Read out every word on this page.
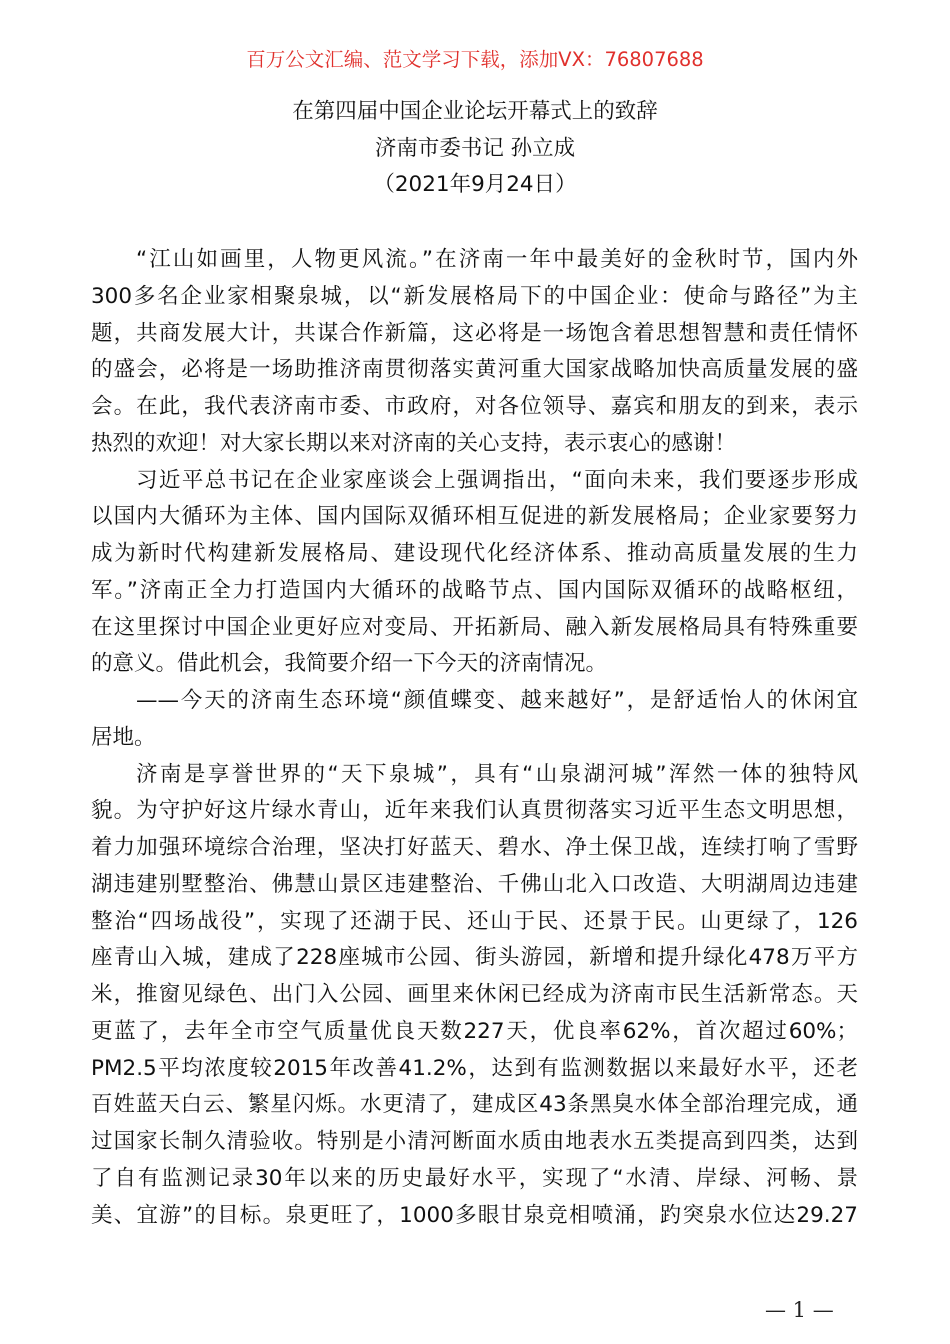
百万公文汇编、范文学习下载，添加VX：76807688
在第四届中国企业论坛开幕式上的致辞
济南市委书记 孙立成
（2021年9月24日）
“江山如画里，人物更风流。”在济南一年中最美好的金秋时节，国内外
300多名企业家相聚泉城，以“新发展格局下的中国企业：使命与路径”为主
题，共商发展大计，共谋合作新篇，这必将是一场饱含着思想智慧和责任情怀
的盛会，必将是一场助推济南贯彻落实黄河重大国家战略加快高质量发展的盛
会。在此，我代表济南市委、市政府，对各位领导、嘉宾和朋友的到来，表示
热烈的欢迎！对大家长期以来对济南的关心支持，表示衷心的感谢！
习近平总书记在企业家座谈会上强调指出，“面向未来，我们要逐步形成
以国内大循环为主体、国内国际双循环相互促进的新发展格局；企业家要努力
成为新时代构建新发展格局、建设现代化经济体系、推动高质量发展的生力
军。”济南正全力打造国内大循环的战略节点、国内国际双循环的战略枢纽，
在这里探讨中国企业更好应对变局、开拓新局、融入新发展格局具有特殊重要
的意义。借此机会，我简要介绍一下今天的济南情况。
——今天的济南生态环境“颜值蝶变、越来越好”，是舒适怡人的休闲宜
居地。
济南是享誉世界的“天下泉城”，具有“山泉湖河城”浑然一体的独特风
貌。为守护好这片绿水青山，近年来我们认真贯彻落实习近平生态文明思想，
着力加强环境综合治理，坚决打好蓝天、碧水、净土保卫战，连续打响了雪野
湖违建别墅整治、佛慧山景区违建整治、千佛山北入口改造、大明湖周边违建
整治“四场战役”，实现了还湖于民、还山于民、还景于民。山更绿了，126
座青山入城，建成了228座城市公园、街头游园，新增和提升绿化478万平方
米，推窗见绿色、出门入公园、画里来休闲已经成为济南市民生活新常态。天
更蓝了，去年全市空气质量优良天数227天，优良率62%，首次超过60%；
PM2.5平均浓度较2015年改善41.2%，达到有监测数据以来最好水平，还老
百姓蓝天白云、繁星闪烁。水更清了，建成区43条黑臭水体全部治理完成，通
过国家长制久清验收。特别是小清河断面水质由地表水五类提高到四类，达到
了自有监测记录30年以来的历史最好水平，实现了“水清、岸绿、河畅、景
美、宜游”的目标。泉更旺了，1000多眼甘泉竞相喷涌，趵突泉水位达29.27
— 1 —
